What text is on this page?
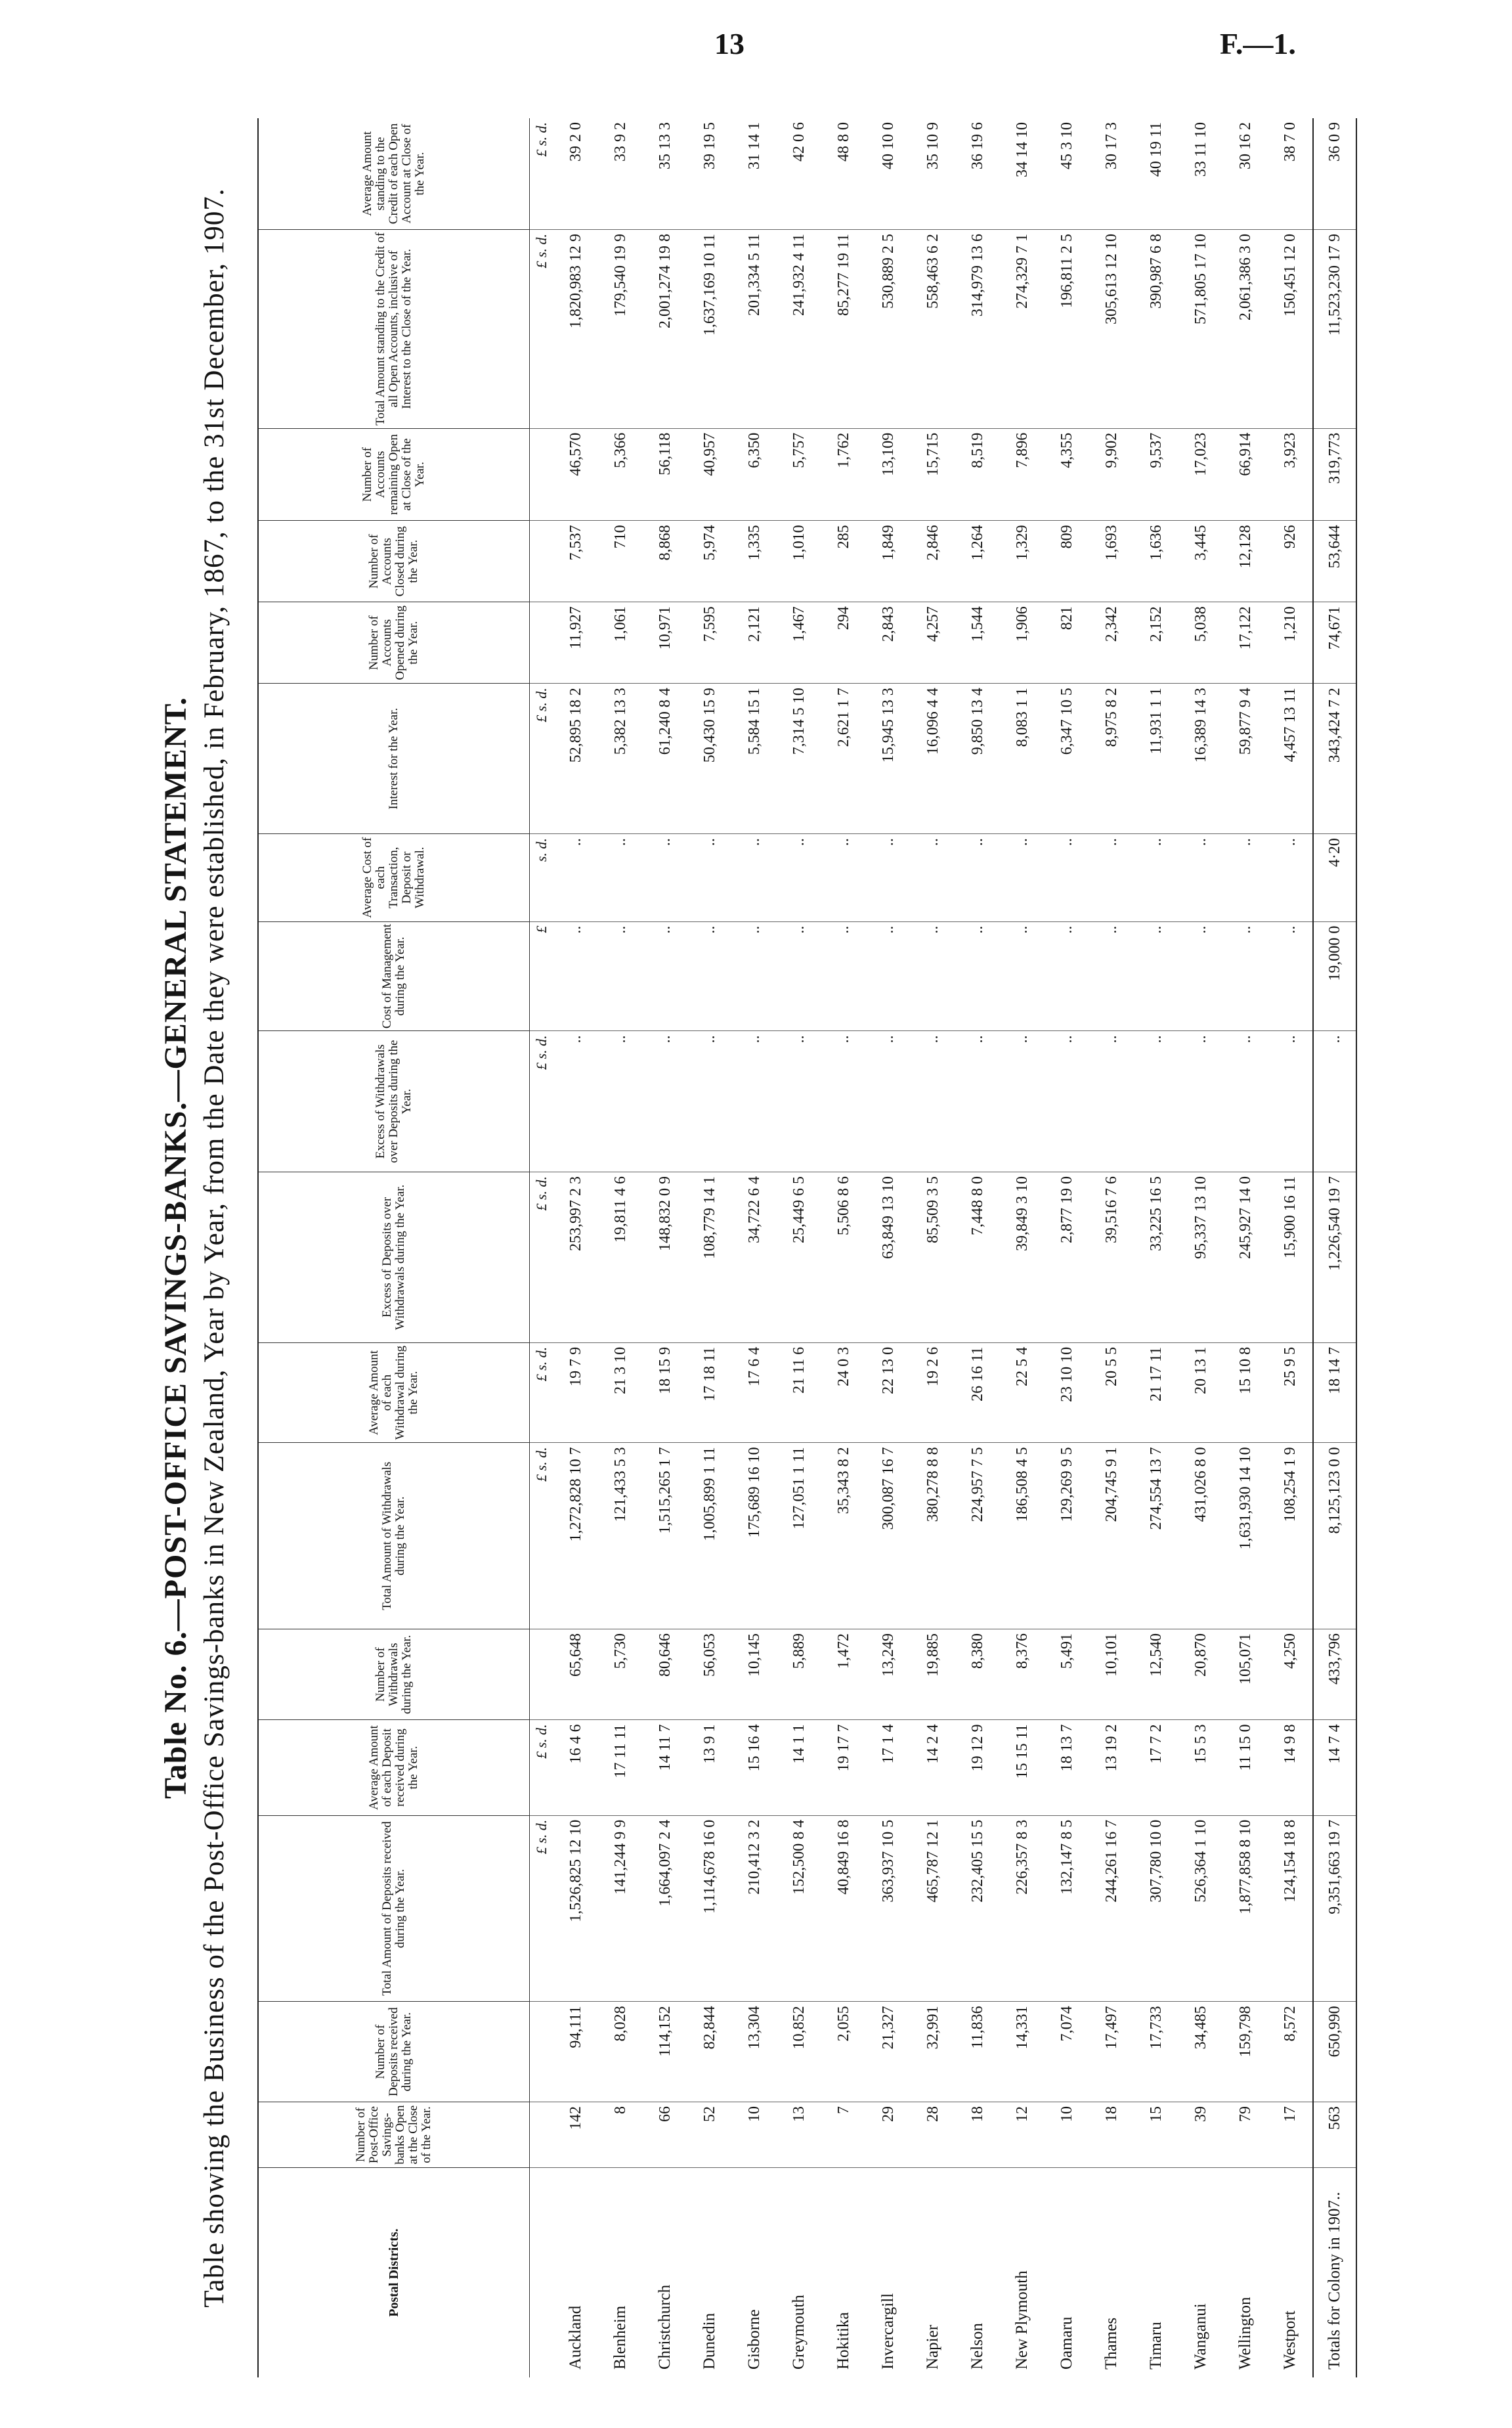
13	F.—1.
Table No. 6.—POST-OFFICE SAVINGS-BANKS.—GENERAL STATEMENT. Table showing the Business of the Post-Office Savings-banks in New Zealand, Year by Year, from the Date they were established, in February, 1867, to the 31st December, 1907.	Postal Districts.	Number of Post-Office Savings-banks Open at the Close of the Year.	Number of Deposits received during the Year.	Total Amount of Deposits received during the Year.	Average Amount of each Deposit received during the Year.	Number of Withdrawals during the Year.	Total Amount of Withdrawals during the Year.	Average Amount of each Withdrawal during the Year.	Excess of Deposits over Withdrawals during the Year.	Excess of Withdrawals over Deposits during the Year.	Cost of Management during the Year.	Average Cost of each Transaction, Deposit or Withdrawal.	Interest for the Year.	Number of Accounts Opened during the Year.	Number of Accounts Closed during the Year.	Number of Accounts remaining Open at Close of the Year.	Total Amount standing to the Credit of all Open Accounts, inclusive of Interest to the Close of the Year.	Average Amount standing to the Credit of each Open Account at Close of the Year.
			£ s. d.	£ s. d.		£ s. d.	£ s. d.	£ s. d.	£ s. d.	£	s. d.	£ s. d.				£ s. d.	£ s. d.
Auckland	142	94,111	1,526,825 12 10	16 4 6	65,648	1,272,828 10 7	19 7 9	253,997 2 3	..	..	..	52,895 18 2	11,927	7,537	46,570	1,820,983 12 9	39 2 0
Blenheim	8	8,028	141,244 9 9	17 11 11	5,730	121,433 5 3	21 3 10	19,811 4 6	..	..	..	5,382 13 3	1,061	710	5,366	179,540 19 9	33 9 2
Christchurch	66	114,152	1,664,097 2 4	14 11 7	80,646	1,515,265 1 7	18 15 9	148,832 0 9	..	..	..	61,240 8 4	10,971	8,868	56,118	2,001,274 19 8	35 13 3
Dunedin	52	82,844	1,114,678 16 0	13 9 1	56,053	1,005,899 1 11	17 18 11	108,779 14 1	..	..	..	50,430 15 9	7,595	5,974	40,957	1,637,169 10 11	39 19 5
Gisborne	10	13,304	210,412 3 2	15 16 4	10,145	175,689 16 10	17 6 4	34,722 6 4	..	..	..	5,584 15 1	2,121	1,335	6,350	201,334 5 11	31 14 1
Greymouth	13	10,852	152,500 8 4	14 1 1	5,889	127,051 1 11	21 11 6	25,449 6 5	..	..	..	7,314 5 10	1,467	1,010	5,757	241,932 4 11	42 0 6
Hokitika	7	2,055	40,849 16 8	19 17 7	1,472	35,343 8 2	24 0 3	5,506 8 6	..	..	..	2,621 1 7	294	285	1,762	85,277 19 11	48 8 0
Invercargill	29	21,327	363,937 10 5	17 1 4	13,249	300,087 16 7	22 13 0	63,849 13 10	..	..	..	15,945 13 3	2,843	1,849	13,109	530,889 2 5	40 10 0
Napier	28	32,991	465,787 12 1	14 2 4	19,885	380,278 8 8	19 2 6	85,509 3 5	..	..	..	16,096 4 4	4,257	2,846	15,715	558,463 6 2	35 10 9
Nelson	18	11,836	232,405 15 5	19 12 9	8,380	224,957 7 5	26 16 11	7,448 8 0	..	..	..	9,850 13 4	1,544	1,264	8,519	314,979 13 6	36 19 6
New Plymouth	12	14,331	226,357 8 3	15 15 11	8,376	186,508 4 5	22 5 4	39,849 3 10	..	..	..	8,083 1 1	1,906	1,329	7,896	274,329 7 1	34 14 10
Oamaru	10	7,074	132,147 8 5	18 13 7	5,491	129,269 9 5	23 10 10	2,877 19 0	..	..	..	6,347 10 5	821	809	4,355	196,811 2 5	45 3 10
Thames	18	17,497	244,261 16 7	13 19 2	10,101	204,745 9 1	20 5 5	39,516 7 6	..	..	..	8,975 8 2	2,342	1,693	9,902	305,613 12 10	30 17 3
Timaru	15	17,733	307,780 10 0	17 7 2	12,540	274,554 13 7	21 17 11	33,225 16 5	..	..	..	11,931 1 1	2,152	1,636	9,537	390,987 6 8	40 19 11
Wanganui	39	34,485	526,364 1 10	15 5 3	20,870	431,026 8 0	20 13 1	95,337 13 10	..	..	..	16,389 14 3	5,038	3,445	17,023	571,805 17 10	33 11 10
Wellington	79	159,798	1,877,858 8 10	11 15 0	105,071	1,631,930 14 10	15 10 8	245,927 14 0	..	..	..	59,877 9 4	17,122	12,128	66,914	2,061,386 3 0	30 16 2
Westport	17	8,572	124,154 18 8	14 9 8	4,250	108,254 1 9	25 9 5	15,900 16 11	..	..	..	4,457 13 11	1,210	926	3,923	150,451 12 0	38 7 0
Totals for Colony in 1907..	563	650,990	9,351,663 19 7	14 7 4	433,796	8,125,123 0 0	18 14 7	1,226,540 19 7	..	19,000 0	4·20	343,424 7 2	74,671	53,644	319,773	11,523,230 17 9	36 0 9
